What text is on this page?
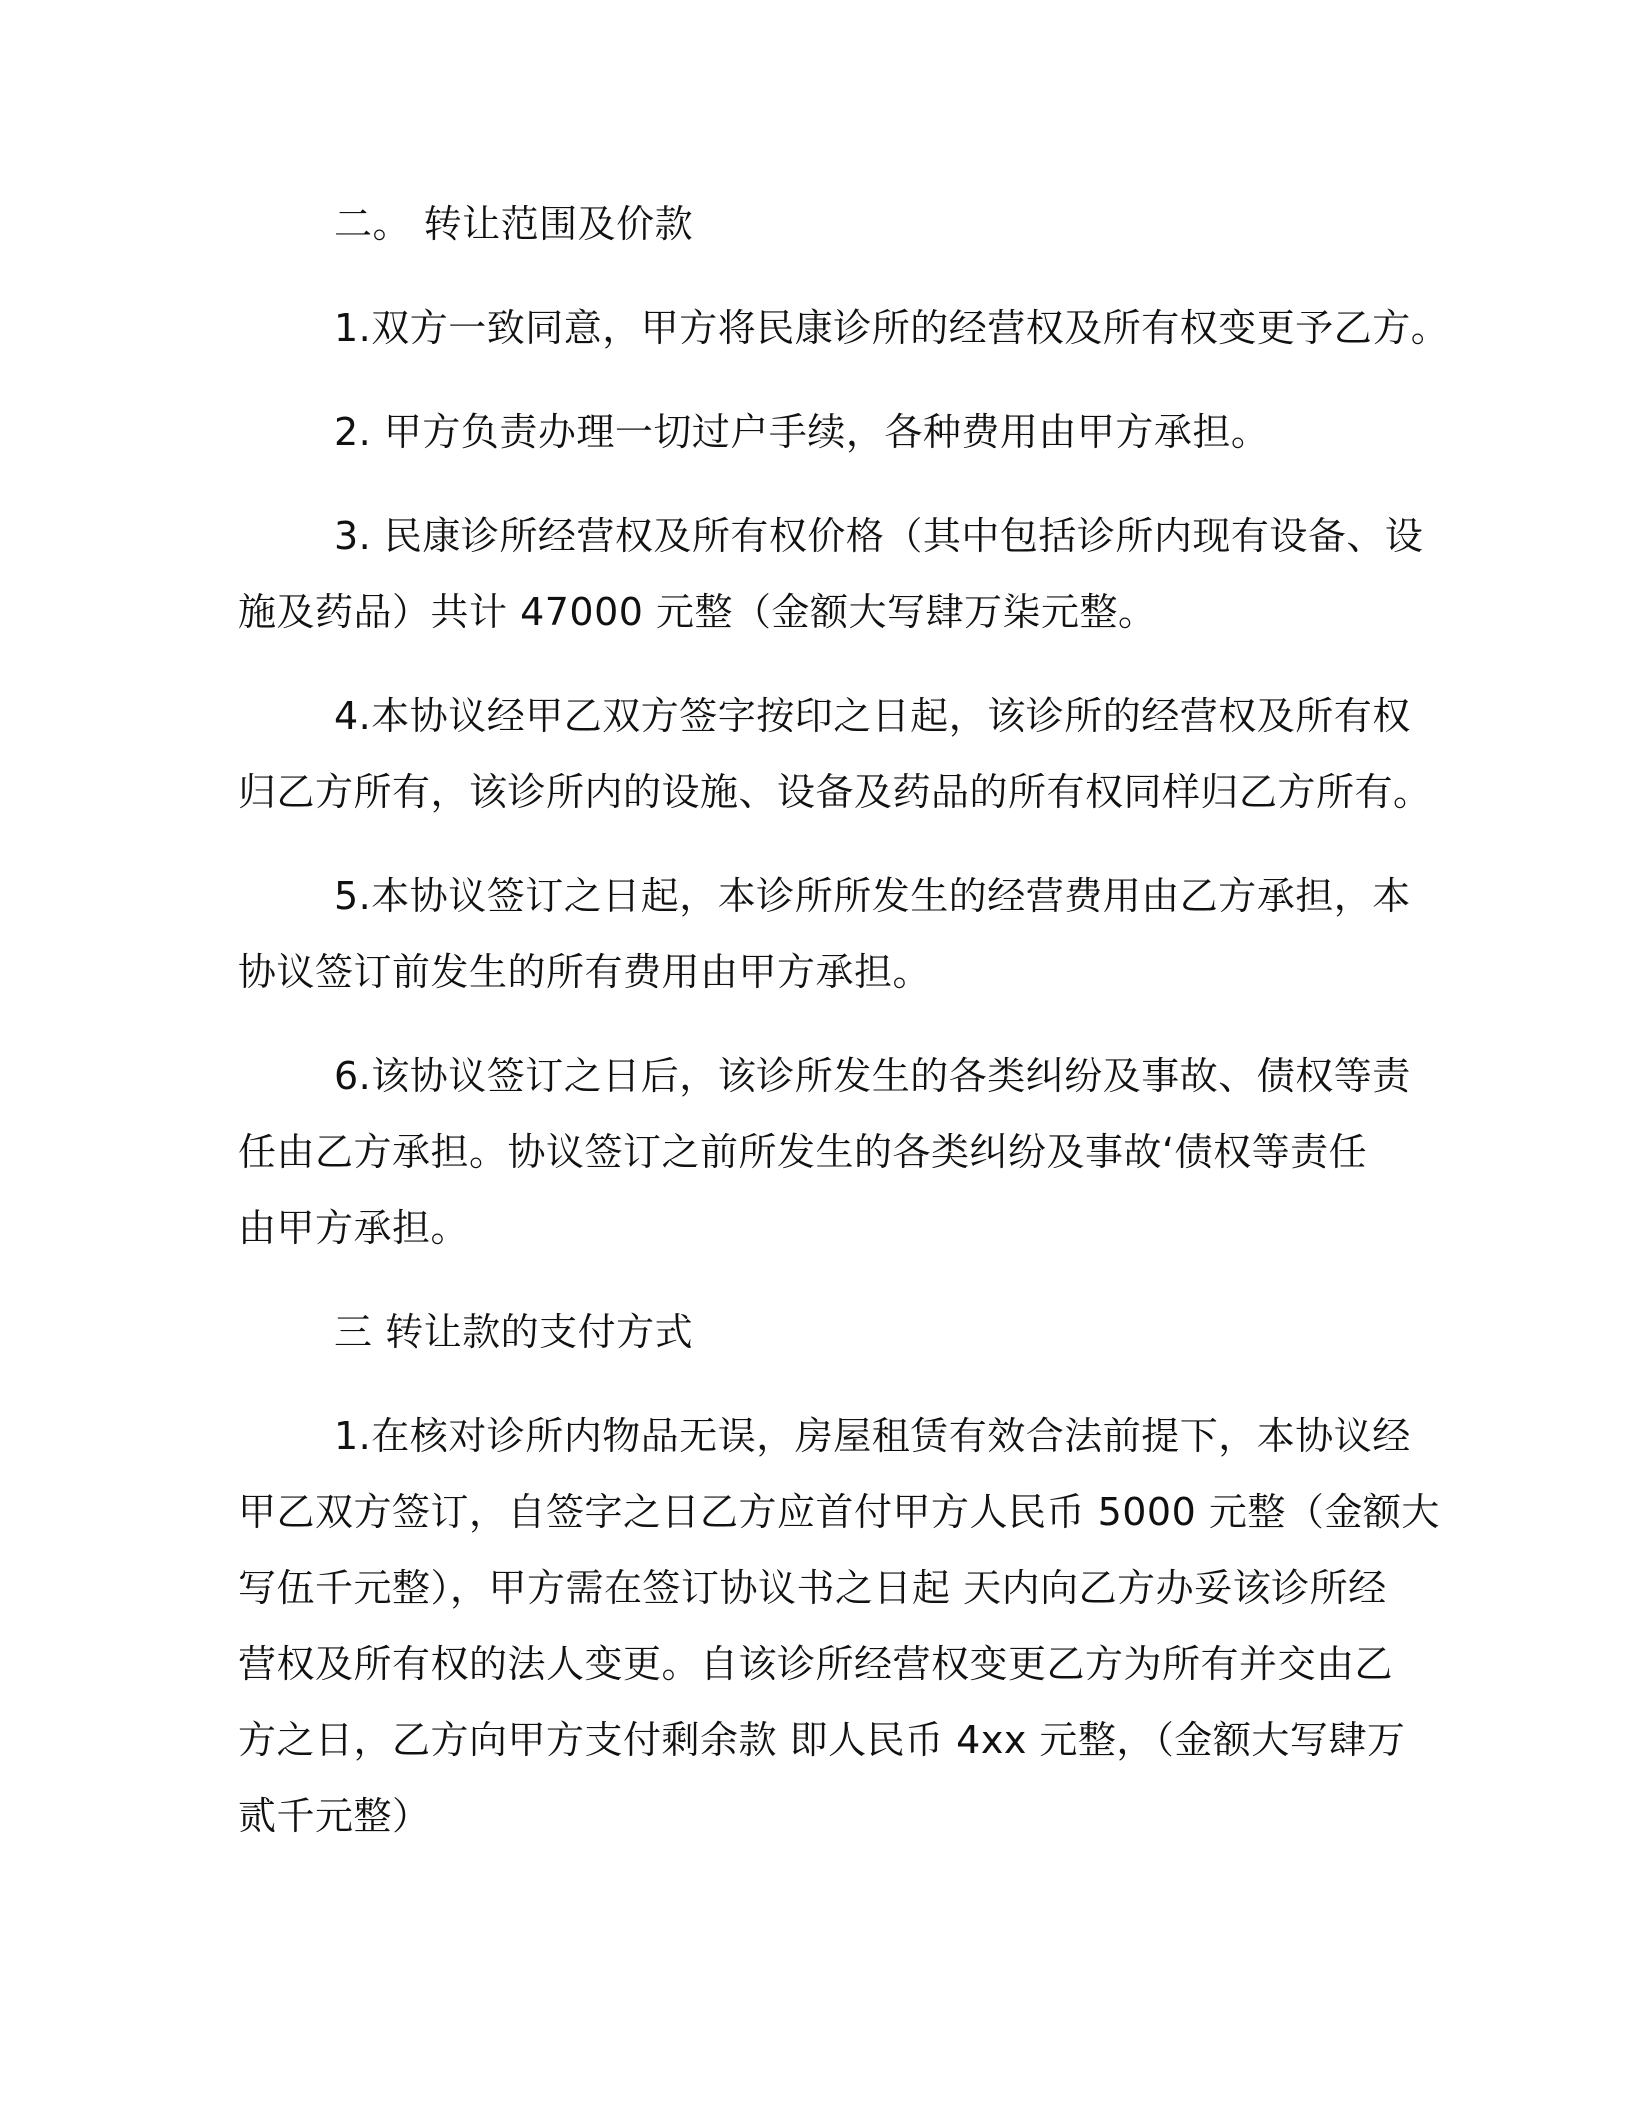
二。 转让范围及价款
1.双方一致同意，甲方将民康诊所的经营权及所有权变更予乙方。
2. 甲方负责办理一切过户手续，各种费用由甲方承担。
3. 民康诊所经营权及所有权价格（其中包括诊所内现有设备、设
施及药品）共计 47000 元整（金额大写肆万柒元整。
4.本协议经甲乙双方签字按印之日起，该诊所的经营权及所有权
归乙方所有，该诊所内的设施、设备及药品的所有权同样归乙方所有。
5.本协议签订之日起，本诊所所发生的经营费用由乙方承担，本
协议签订前发生的所有费用由甲方承担。
6.该协议签订之日后，该诊所发生的各类纠纷及事故、债权等责
任由乙方承担。协议签订之前所发生的各类纠纷及事故‘债权等责任
由甲方承担。
三 转让款的支付方式
1.在核对诊所内物品无误，房屋租赁有效合法前提下，本协议经
甲乙双方签订，自签字之日乙方应首付甲方人民币 5000 元整（金额大
写伍千元整），甲方需在签订协议书之日起 天内向乙方办妥该诊所经
营权及所有权的法人变更。自该诊所经营权变更乙方为所有并交由乙
方之日，乙方向甲方支付剩余款 即人民币 4xx 元整，（金额大写肆万
贰千元整）
